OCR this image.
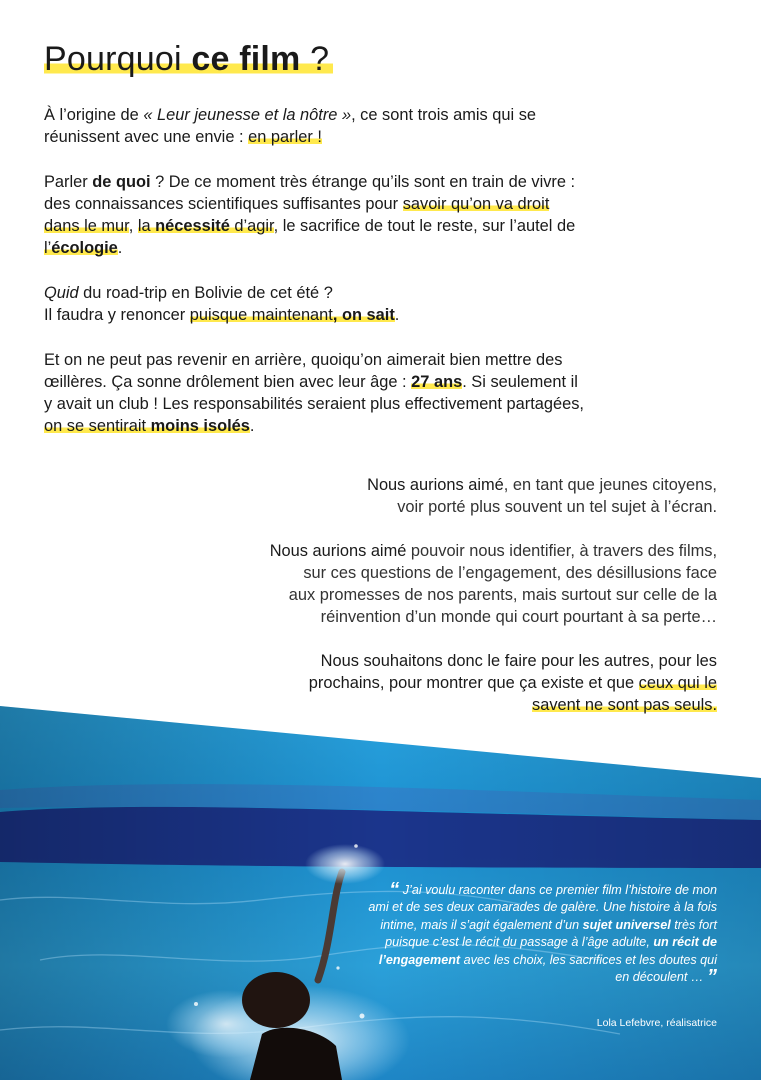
Pourquoi ce film ?

À l’origine de « Leur jeunesse et la nôtre », ce sont trois amis qui se réunissent avec une envie : en parler !

Parler de quoi ? De ce moment très étrange qu’ils sont en train de vivre : des connaissances scientifiques suffisantes pour savoir qu’on va droit dans le mur, la nécessité d’agir, le sacrifice de tout le reste, sur l’autel de l’écologie.

Quid du road-trip en Bolivie de cet été ?
Il faudra y renoncer puisque maintenant, on sait.

Et on ne peut pas revenir en arrière, quoiqu’on aimerait bien mettre des œillères. Ça sonne drôlement bien avec leur âge : 27 ans. Si seulement il y avait un club ! Les responsabilités seraient plus effectivement partagées, on se sentirait moins isolés.

Nous aurions aimé, en tant que jeunes citoyens,
voir porté plus souvent un tel sujet à l’écran.

Nous aurions aimé pouvoir nous identifier, à travers des films,
sur ces questions de l’engagement, des désillusions face
aux promesses de nos parents, mais surtout sur celle de la
réinvention d’un monde qui court pourtant à sa perte…

Nous souhaitons donc le faire pour les autres, pour les
prochains, pour montrer que ça existe et que ceux qui le
savent ne sont pas seuls.

“ J’ai voulu raconter dans ce premier film l’histoire de mon ami et de ses deux camarades de galère. Une histoire à la fois intime, mais il s’agit également d’un sujet universel très fort puisque c’est le récit du passage à l’âge adulte, un récit de l’engagement avec les choix, les sacrifices et les doutes qui en découlent … ”
Lola Lefebvre, réalisatrice
